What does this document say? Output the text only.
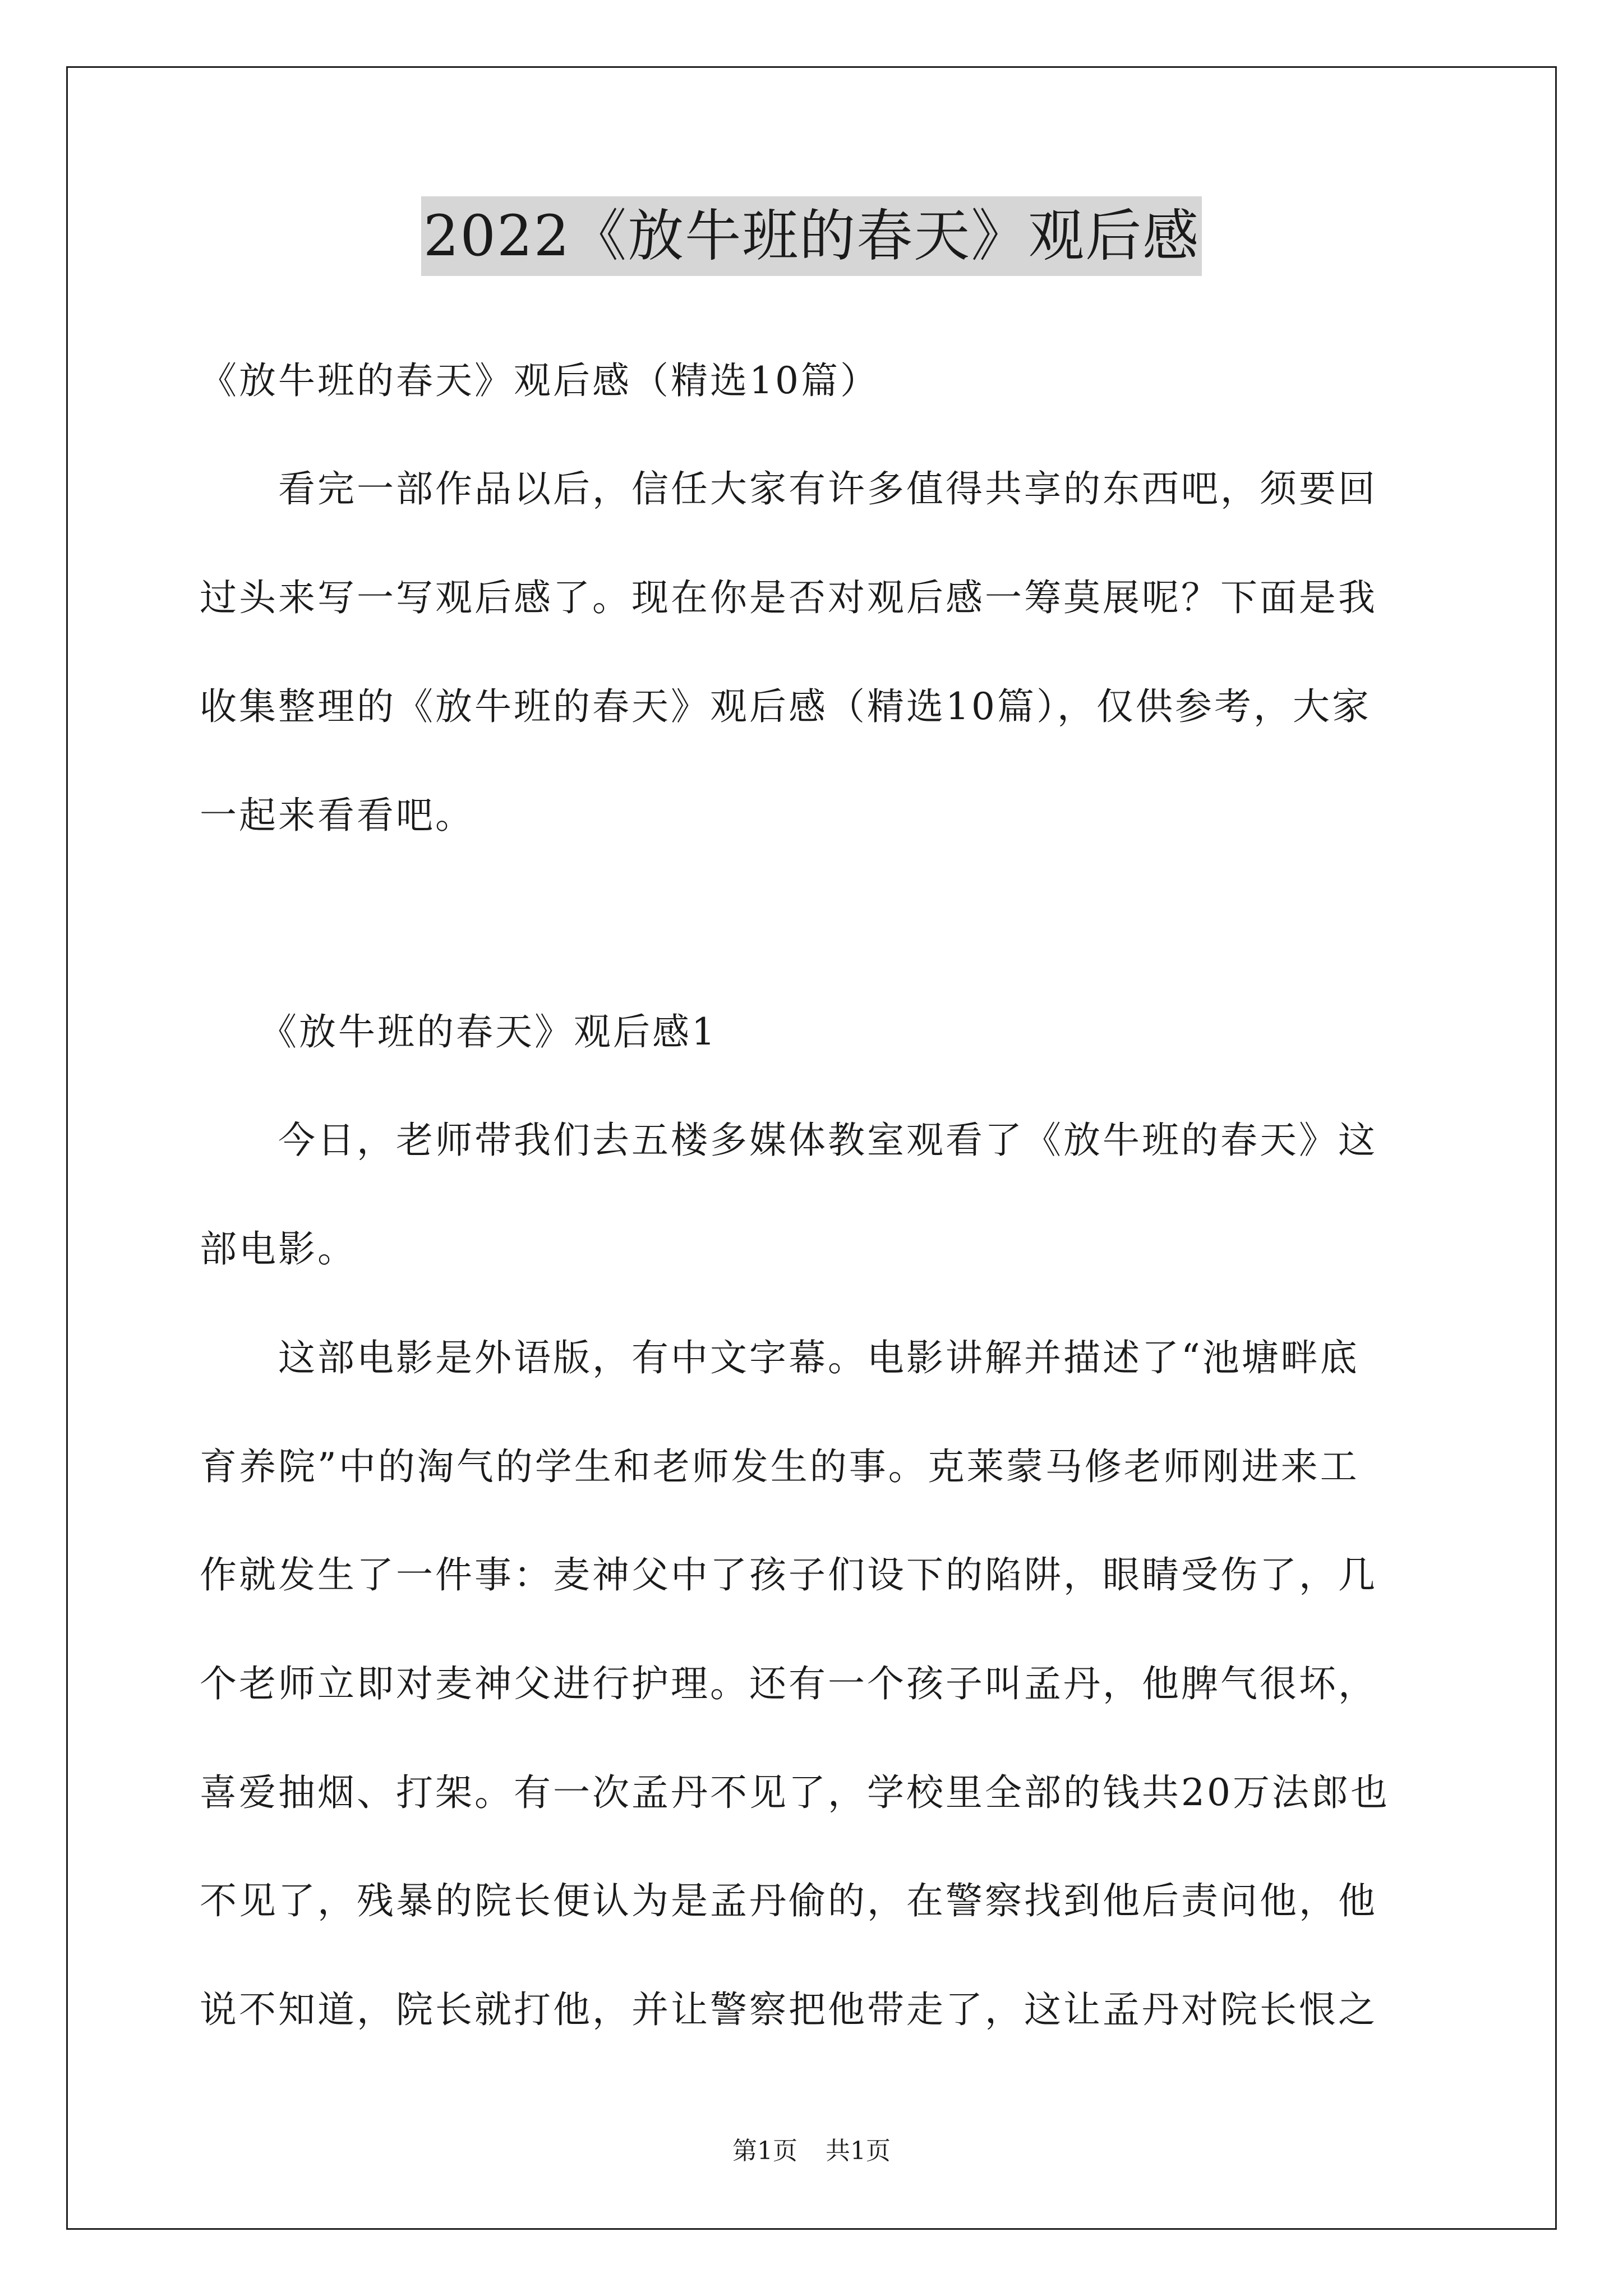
2022《放牛班的春天》观后感
《放牛班的春天》观后感（精选10篇）
　　看完一部作品以后，信任大家有许多值得共享的东西吧，须要回
过头来写一写观后感了。现在你是否对观后感一筹莫展呢？下面是我
收集整理的《放牛班的春天》观后感（精选10篇），仅供参考，大家
一起来看看吧。
　　《放牛班的春天》观后感1
　　今日，老师带我们去五楼多媒体教室观看了《放牛班的春天》这
部电影。
　　这部电影是外语版，有中文字幕。电影讲解并描述了“池塘畔底
育养院”中的淘气的学生和老师发生的事。克莱蒙马修老师刚进来工
作就发生了一件事：麦神父中了孩子们设下的陷阱，眼睛受伤了，几
个老师立即对麦神父进行护理。还有一个孩子叫孟丹，他脾气很坏，
喜爱抽烟、打架。有一次孟丹不见了，学校里全部的钱共20万法郎也
不见了，残暴的院长便认为是孟丹偷的，在警察找到他后责问他，他
说不知道，院长就打他，并让警察把他带走了，这让孟丹对院长恨之
第1页 共1页
